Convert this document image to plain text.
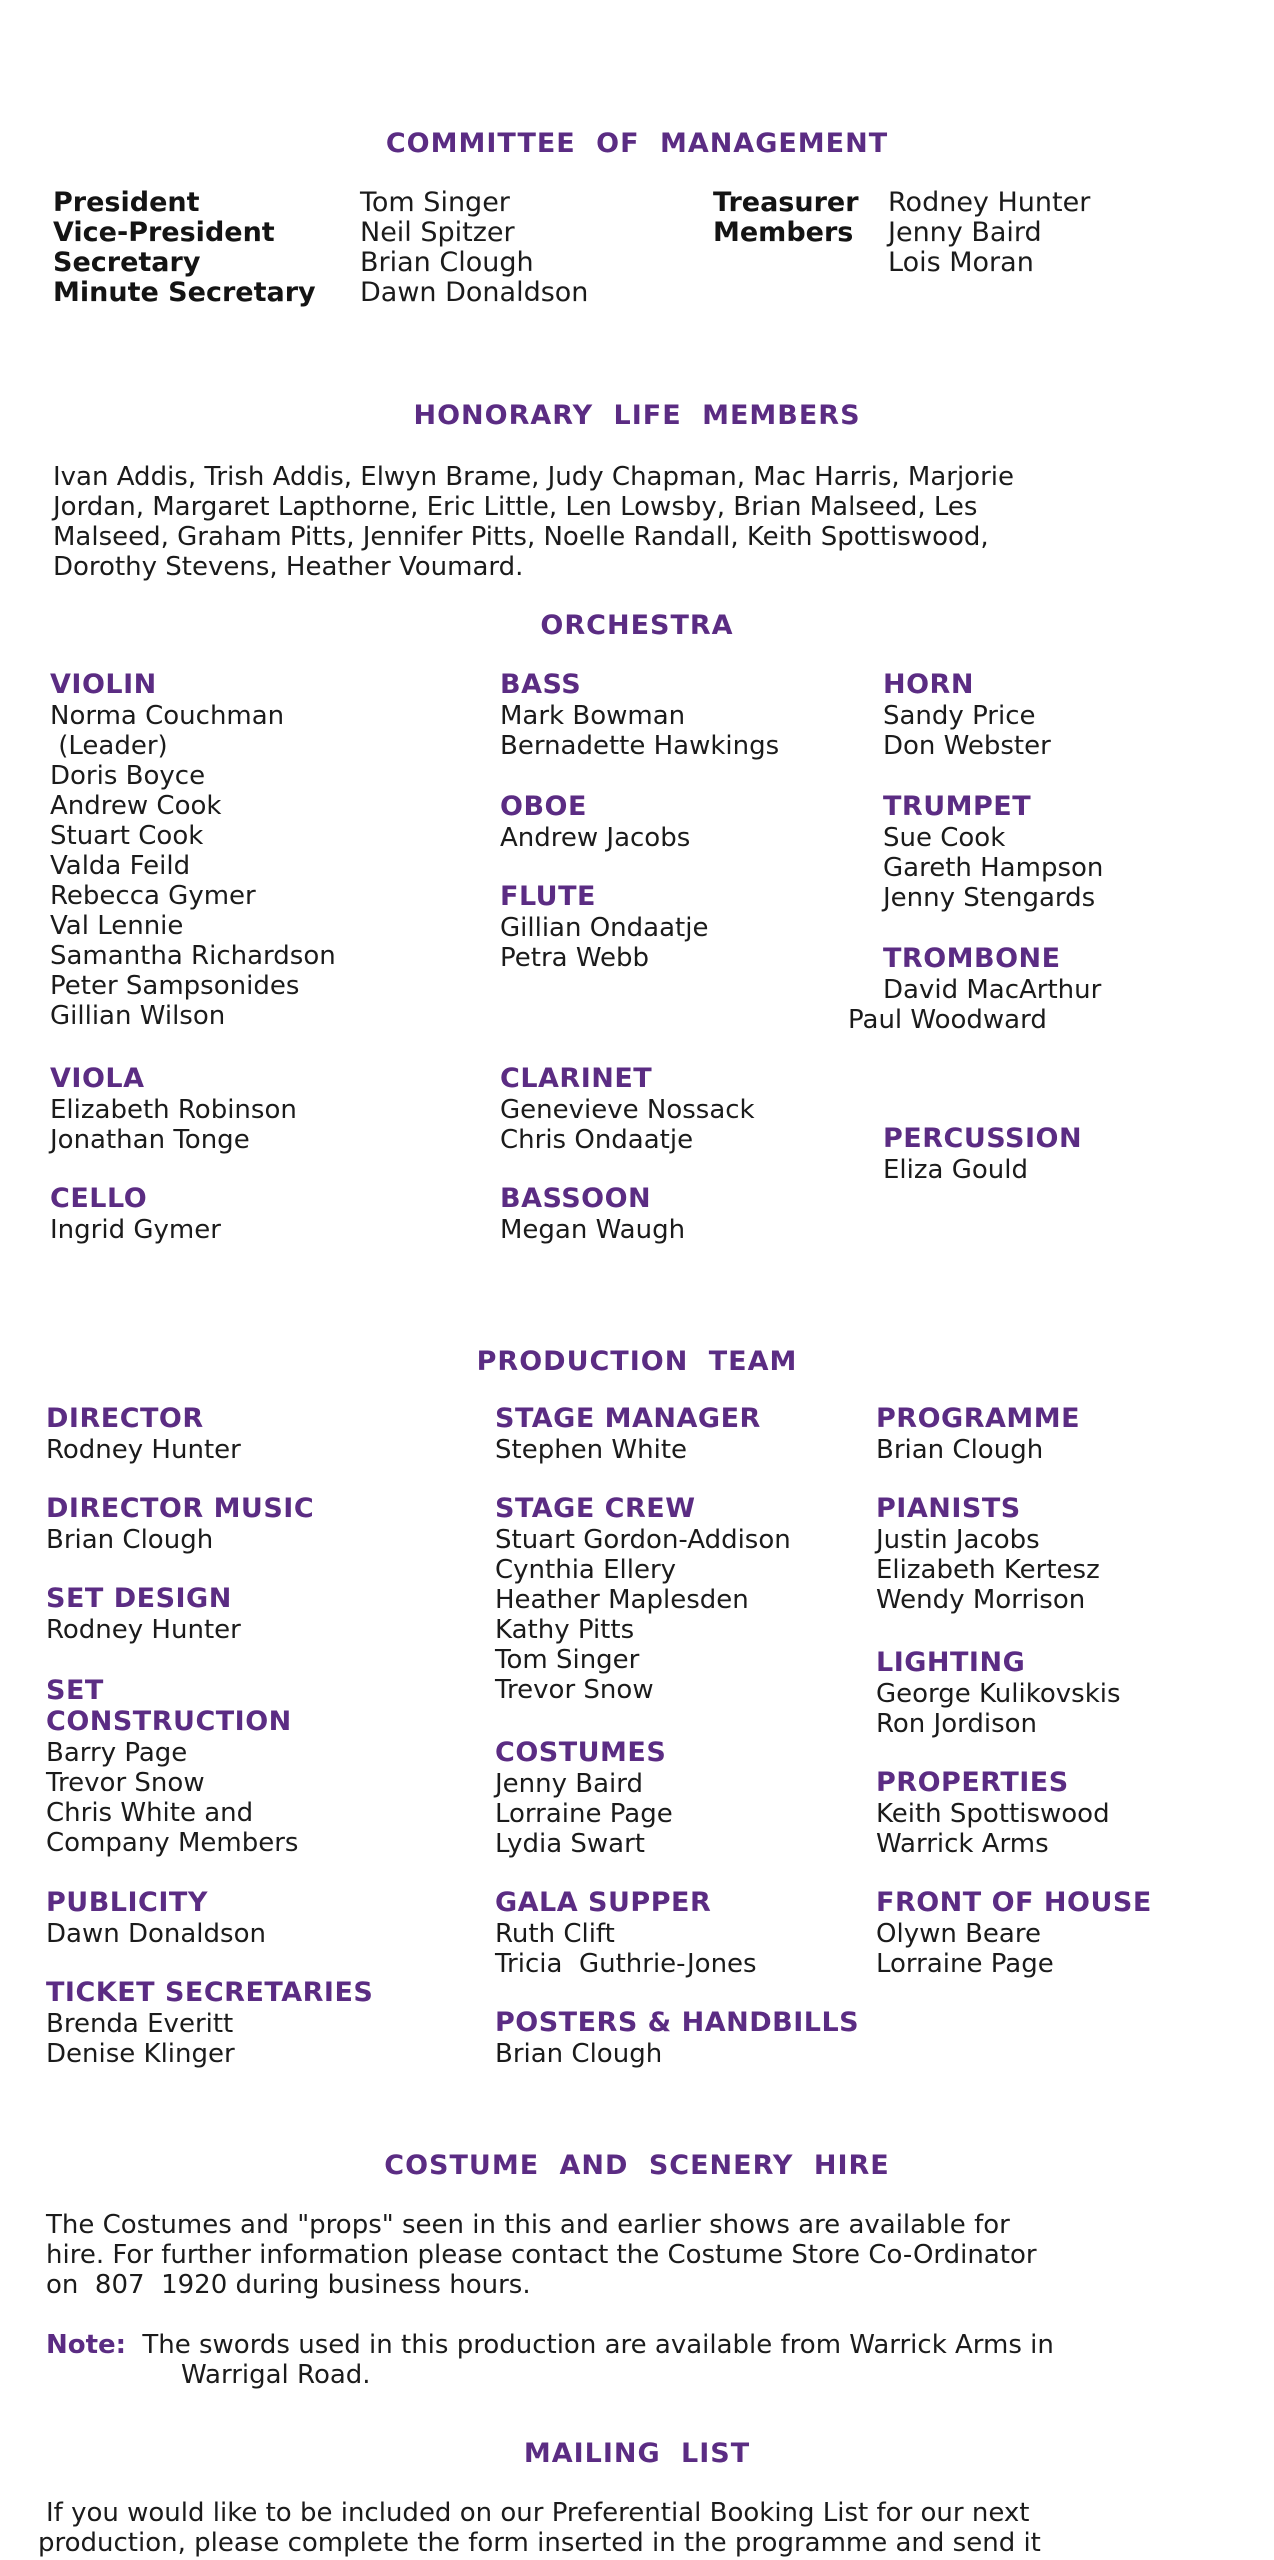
COMMITTEE OF MANAGEMENT
President
Vice-President
Secretary
Minute Secretary
Tom Singer
Neil Spitzer
Brian Clough
Dawn Donaldson
Treasurer Rodney Hunter
Members Jenny Baird
Lois Moran
HONORARY LIFE MEMBERS
Ivan Addis, Trish Addis, Elwyn Brame, Judy Chapman, Mac Harris, Marjorie
Jordan, Margaret Lapthorne, Eric Little, Len Lowsby, Brian Malseed, Les
Malseed, Graham Pitts, Jennifer Pitts, Noelle Randall, Keith Spottiswood,
Dorothy Stevens, Heather Voumard.
ORCHESTRA
VIOLIN
Norma Couchman
(Leader)
Doris Boyce
Andrew Cook
Stuart Cook
Valda Feild
Rebecca Gymer
Val Lennie
Samantha Richardson
Peter Sampsonides
Gillian Wilson
VIOLA
Elizabeth Robinson
Jonathan Tonge
CELLO
Ingrid Gymer
BASS
Mark Bowman
Bernadette Hawkings
OBOE
Andrew Jacobs
FLUTE
Gillian Ondaatje
Petra Webb
CLARINET
Genevieve Nossack
Chris Ondaatje
BASSOON
Megan Waugh
HORN
Sandy Price
Don Webster
TRUMPET
Sue Cook
Gareth Hampson
Jenny Stengards
TROMBONE
David MacArthur
Paul Woodward
PERCUSSION
Eliza Gould
PRODUCTION TEAM
DIRECTOR
Rodney Hunter
DIRECTOR MUSIC
Brian Clough
SET DESIGN
Rodney Hunter
SET
CONSTRUCTION
Barry Page
Trevor Snow
Chris White and
Company Members
PUBLICITY
Dawn Donaldson
TICKET SECRETARIES
Brenda Everitt
Denise Klinger
STAGE MANAGER
Stephen White
STAGE CREW
Stuart Gordon-Addison
Cynthia Ellery
Heather Maplesden
Kathy Pitts
Tom Singer
Trevor Snow
COSTUMES
Jenny Baird
Lorraine Page
Lydia Swart
GALA SUPPER
Ruth Clift
Tricia  Guthrie-Jones
POSTERS & HANDBILLS
Brian Clough
PROGRAMME
Brian Clough
PIANISTS
Justin Jacobs
Elizabeth Kertesz
Wendy Morrison
LIGHTING
George Kulikovskis
Ron Jordison
PROPERTIES
Keith Spottiswood
Warrick Arms
FRONT OF HOUSE
Olywn Beare
Lorraine Page
COSTUME AND SCENERY HIRE
The Costumes and "props" seen in this and earlier shows are available for
hire. For further information please contact the Costume Store Co-Ordinator
on  807  1920 during business hours.
Note: The swords used in this production are available from Warrick Arms in
Warrigal Road.
MAILING LIST
If you would like to be included on our Preferential Booking List for our next
production, please complete the form inserted in the programme and send it
